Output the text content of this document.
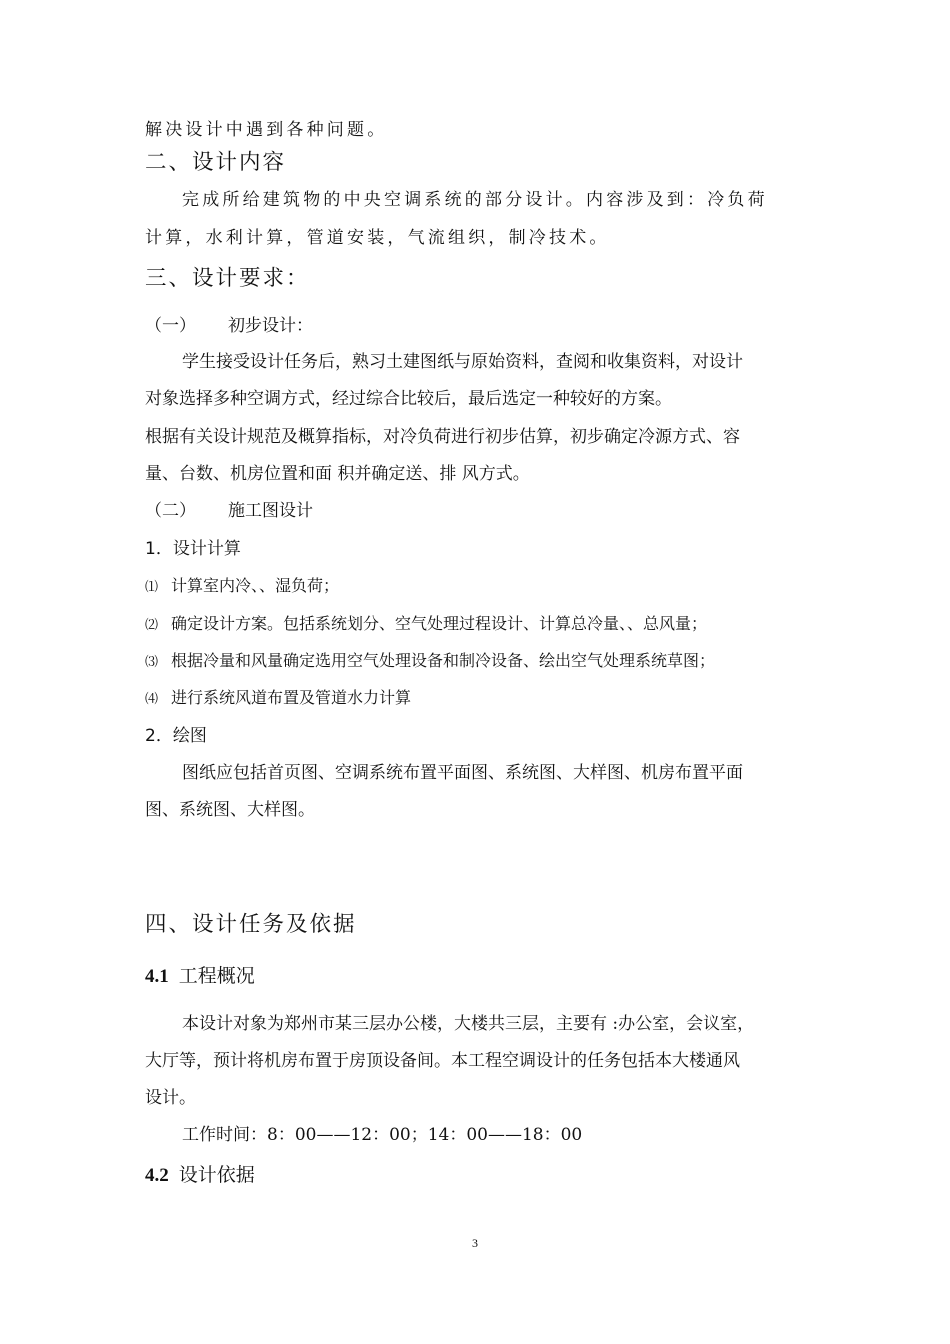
解决设计中遇到各种问题。
二、设计内容
完成所给建筑物的中央空调系统的部分设计。内容涉及到：冷负荷
计算，水利计算，管道安装，气流组织，制冷技术。
三、设计要求：
（一） 初步设计：
学生接受设计任务后，熟习土建图纸与原始资料，查阅和收集资料，对设计
对象选择多种空调方式，经过综合比较后，最后选定一种较好的方案。
根据有关设计规范及概算指标，对冷负荷进行初步估算，初步确定冷源方式、容
量、台数、机房位置和面 积并确定送、排 风方式。
（二） 施工图设计
1．设计计算
⑴ 计算室内冷、、湿负荷；
⑵ 确定设计方案。包括系统划分、空气处理过程设计、计算总冷量、、总风量；
⑶ 根据冷量和风量确定选用空气处理设备和制冷设备、绘出空气处理系统草图；
⑷ 进行系统风道布置及管道水力计算
2．绘图
图纸应包括首页图、空调系统布置平面图、系统图、大样图、机房布置平面
图、系统图、大样图。
四、设计任务及依据
4.1 工程概况
本设计对象为郑州市某三层办公楼，大楼共三层，主要有 :办公室，会议室，
大厅等，预计将机房布置于房顶设备间。本工程空调设计的任务包括本大楼通风
设计。
工作时间：8：00——12：00；14：00——18：00
4.2 设计依据
3
